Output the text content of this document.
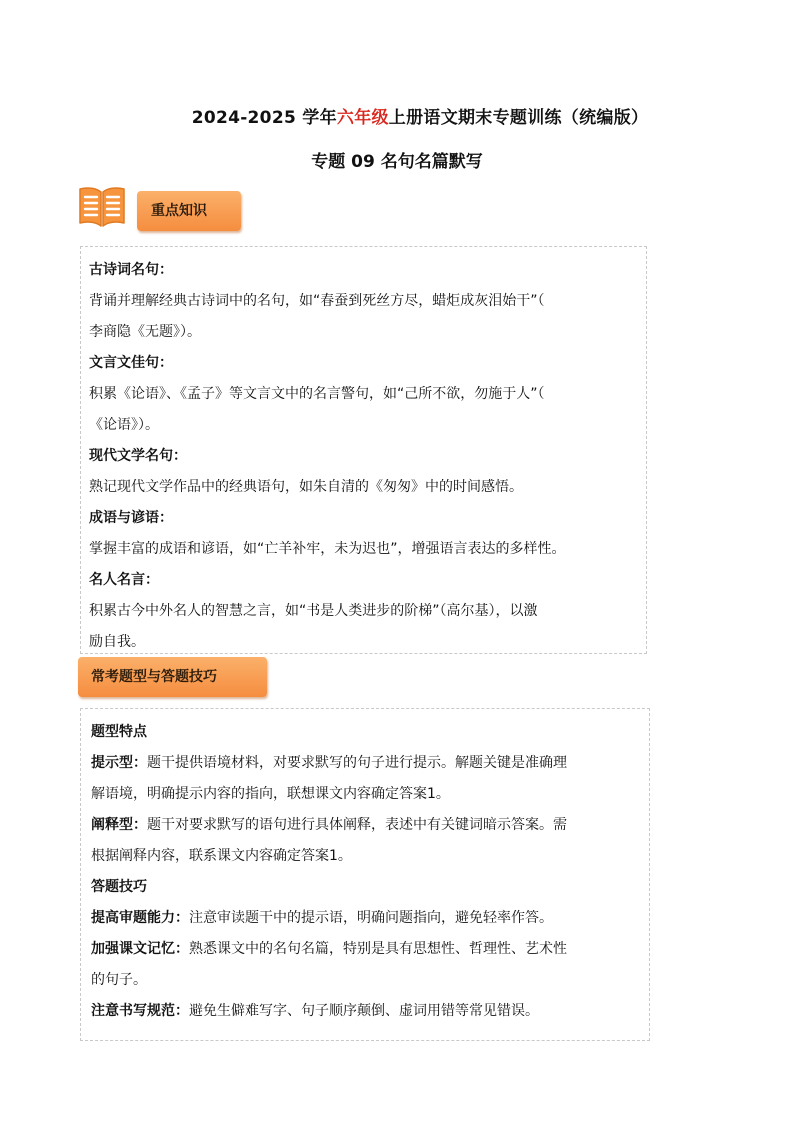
2024-2025 学年六年级上册语文期末专题训练（统编版）
专题 09 名句名篇默写
重点知识
古诗词名句：
背诵并理解经典古诗词中的名句，如“春蚕到死丝方尽，蜡炬成灰泪始干”（
李商隐《无题》）。
文言文佳句：
积累《论语》、《孟子》等文言文中的名言警句，如“己所不欲，勿施于人”（
《论语》）。
现代文学名句：
熟记现代文学作品中的经典语句，如朱自清的《匆匆》中的时间感悟。
成语与谚语：
掌握丰富的成语和谚语，如“亡羊补牢，未为迟也”，增强语言表达的多样性。
名人名言：
积累古今中外名人的智慧之言，如“书是人类进步的阶梯”（高尔基），以激
励自我。
常考题型与答题技巧
题型特点
提示型：题干提供语境材料，对要求默写的句子进行提示。解题关键是准确理
解语境，明确提示内容的指向，联想课文内容确定答案1。
阐释型：题干对要求默写的语句进行具体阐释，表述中有关键词暗示答案。需
根据阐释内容，联系课文内容确定答案1。
答题技巧
提高审题能力：注意审读题干中的提示语，明确问题指向，避免轻率作答。
加强课文记忆：熟悉课文中的名句名篇，特别是具有思想性、哲理性、艺术性
的句子。
注意书写规范：避免生僻难写字、句子顺序颠倒、虚词用错等常见错误。
